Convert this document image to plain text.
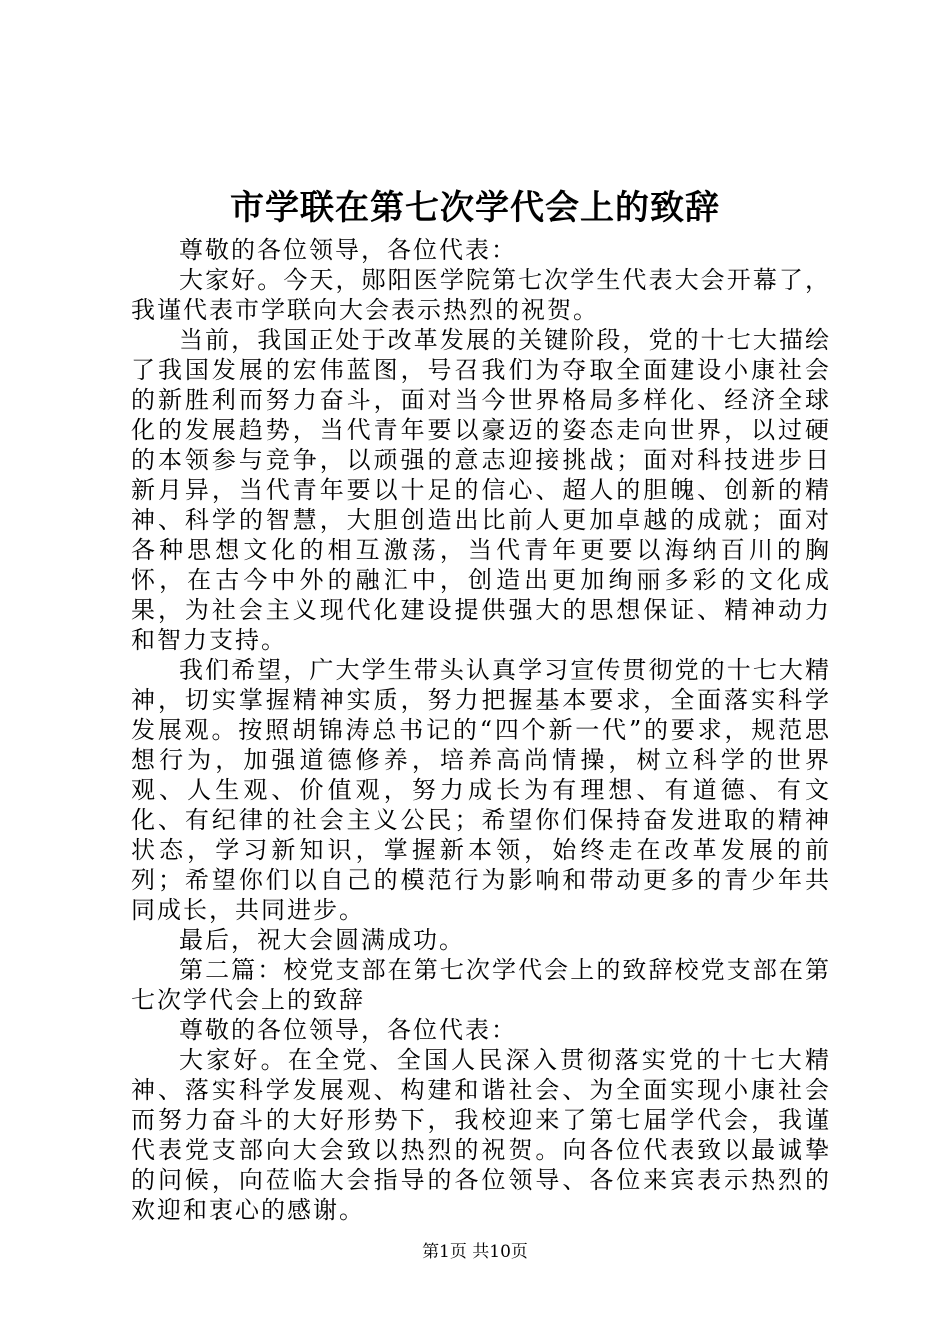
市学联在第七次学代会上的致辞

尊敬的各位领导，各位代表：

大家好。今天，郧阳医学院第七次学生代表大会开幕了，我谨代表市学联向大会表示热烈的祝贺。

当前，我国正处于改革发展的关键阶段，党的十七大描绘了我国发展的宏伟蓝图，号召我们为夺取全面建设小康社会的新胜利而努力奋斗，面对当今世界格局多样化、经济全球化的发展趋势，当代青年要以豪迈的姿态走向世界，以过硬的本领参与竞争，以顽强的意志迎接挑战；面对科技进步日新月异，当代青年要以十足的信心、超人的胆魄、创新的精神、科学的智慧，大胆创造出比前人更加卓越的成就；面对各种思想文化的相互激荡，当代青年更要以海纳百川的胸怀，在古今中外的融汇中，创造出更加绚丽多彩的文化成果，为社会主义现代化建设提供强大的思想保证、精神动力和智力支持。

我们希望，广大学生带头认真学习宣传贯彻党的十七大精神，切实掌握精神实质，努力把握基本要求，全面落实科学发展观。按照胡锦涛总书记的“四个新一代”的要求，规范思想行为，加强道德修养，培养高尚情操，树立科学的世界观、人生观、价值观，努力成长为有理想、有道德、有文化、有纪律的社会主义公民；希望你们保持奋发进取的精神状态，学习新知识，掌握新本领，始终走在改革发展的前列；希望你们以自己的模范行为影响和带动更多的青少年共同成长，共同进步。

最后，祝大会圆满成功。

第二篇：校党支部在第七次学代会上的致辞校党支部在第七次学代会上的致辞

尊敬的各位领导，各位代表：

大家好。在全党、全国人民深入贯彻落实党的十七大精神、落实科学发展观、构建和谐社会、为全面实现小康社会而努力奋斗的大好形势下，我校迎来了第七届学代会，我谨代表党支部向大会致以热烈的祝贺。向各位代表致以最诚挚的问候，向莅临大会指导的各位领导、各位来宾表示热烈的欢迎和衷心的感谢。

第1页 共10页
